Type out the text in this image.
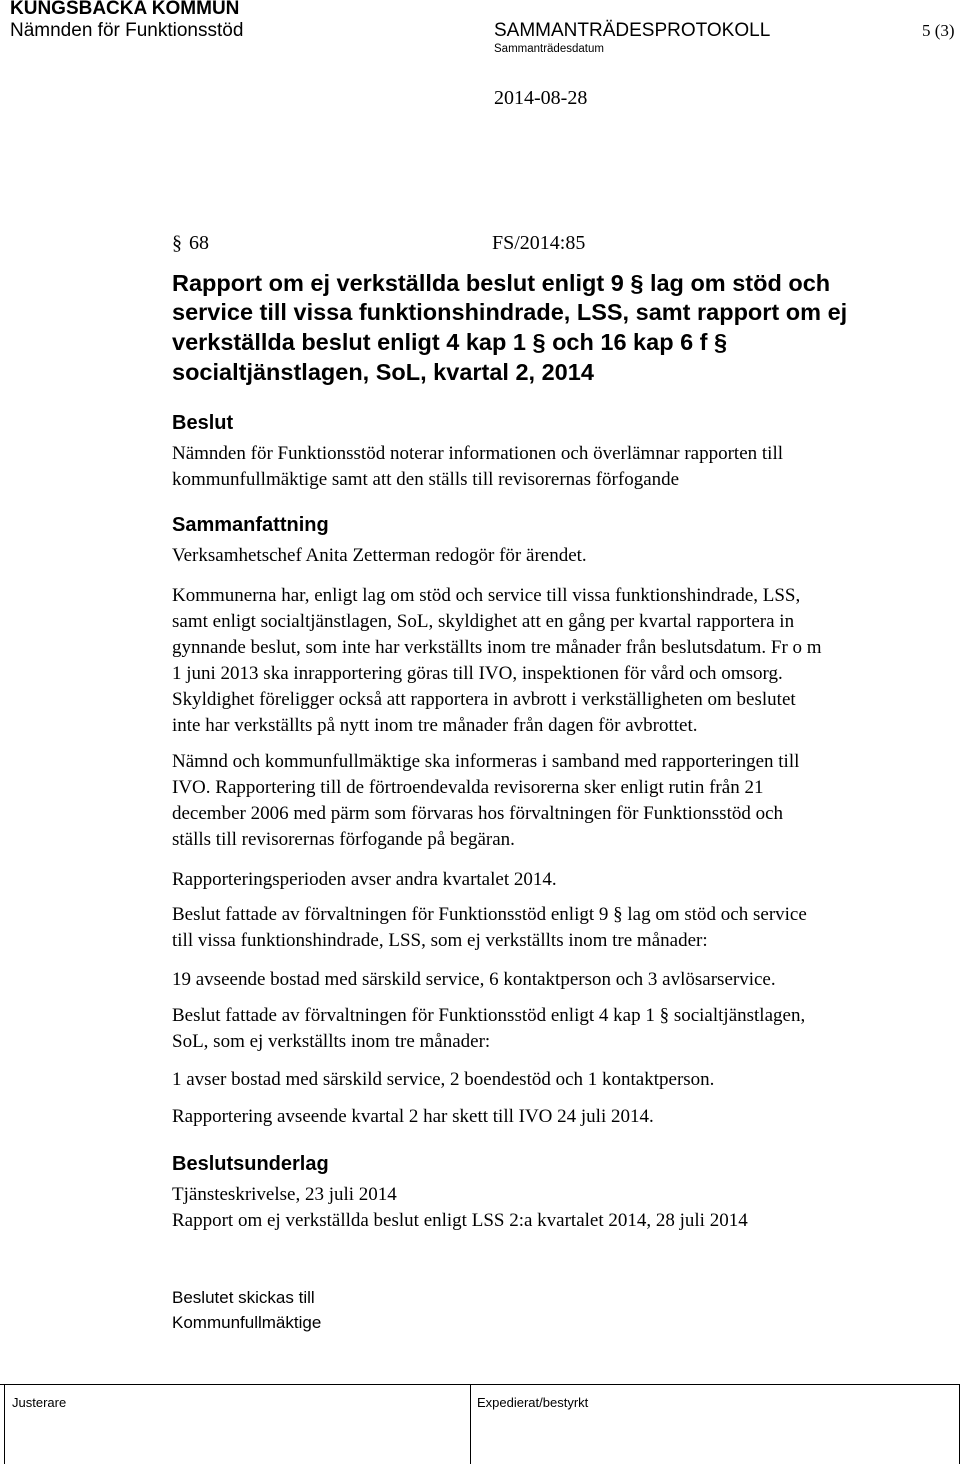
KUNGSBACKA KOMMUN
Nämnden för Funktionsstöd	SAMMANTRÄDESPROTOKOLL	5 (3)
Sammanträdesdatum
2014-08-28
§ 68	FS/2014:85
Rapport om ej verkställda beslut enligt 9 § lag om stöd och
service till vissa funktionshindrade, LSS, samt rapport om ej
verkställda beslut enligt 4 kap 1 § och 16 kap 6 f §
socialtjänstlagen, SoL, kvartal 2, 2014
Beslut
Nämnden för Funktionsstöd noterar informationen och överlämnar rapporten till
kommunfullmäktige samt att den ställs till revisorernas förfogande
Sammanfattning
Verksamhetschef Anita Zetterman redogör för ärendet.
Kommunerna har, enligt lag om stöd och service till vissa funktionshindrade, LSS,
samt enligt socialtjänstlagen, SoL, skyldighet att en gång per kvartal rapportera in
gynnande beslut, som inte har verkställts inom tre månader från beslutsdatum. Fr o m
1 juni 2013 ska inrapportering göras till IVO, inspektionen för vård och omsorg.
Skyldighet föreligger också att rapportera in avbrott i verkställigheten om beslutet
inte har verkställts på nytt inom tre månader från dagen för avbrottet.
Nämnd och kommunfullmäktige ska informeras i samband med rapporteringen till
IVO. Rapportering till de förtroendevalda revisorerna sker enligt rutin från 21
december 2006 med pärm som förvaras hos förvaltningen för Funktionsstöd och
ställs till revisorernas förfogande på begäran.
Rapporteringsperioden avser andra kvartalet 2014.
Beslut fattade av förvaltningen för Funktionsstöd enligt 9 § lag om stöd och service
till vissa funktionshindrade, LSS, som ej verkställts inom tre månader:
19 avseende bostad med särskild service, 6 kontaktperson och 3 avlösarservice.
Beslut fattade av förvaltningen för Funktionsstöd enligt 4 kap 1 § socialtjänstlagen,
SoL, som ej verkställts inom tre månader:
1 avser bostad med särskild service, 2 boendestöd och 1 kontaktperson.
Rapportering avseende kvartal 2 har skett till IVO 24 juli 2014.
Beslutsunderlag
Tjänsteskrivelse, 23 juli 2014
Rapport om ej verkställda beslut enligt LSS 2:a kvartalet 2014, 28 juli 2014
Beslutet skickas till
Kommunfullmäktige
Justerare	Expedierat/bestyrkt
